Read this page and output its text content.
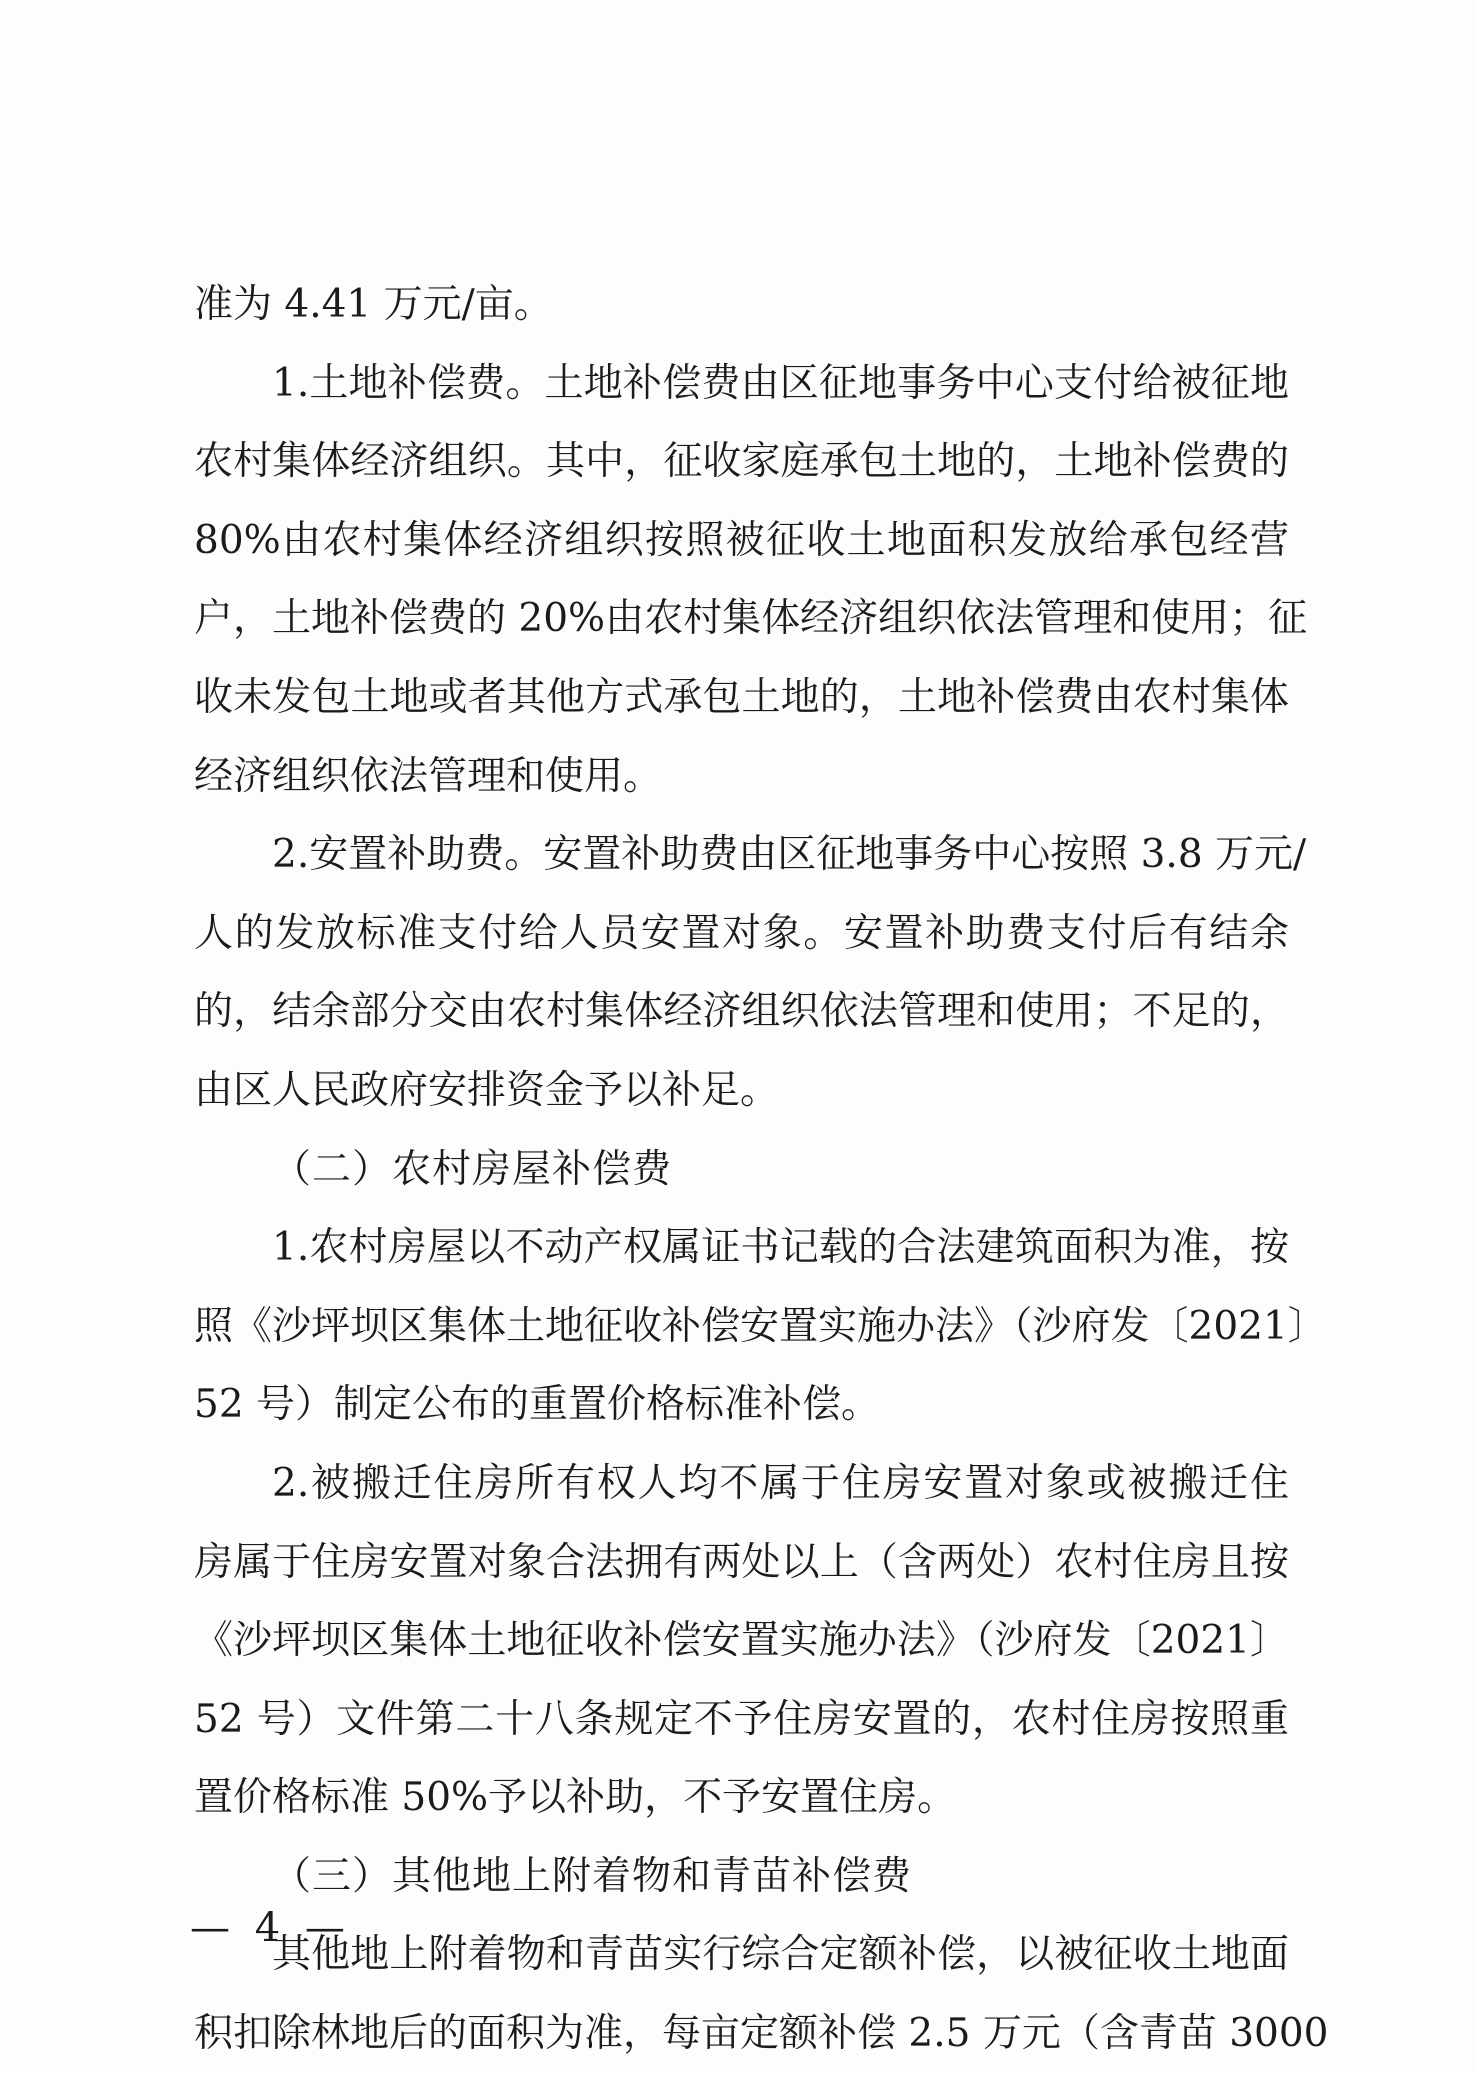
准为 4.41 万元/亩。
1.土地补偿费。土地补偿费由区征地事务中心支付给被征地
农村集体经济组织。其中，征收家庭承包土地的，土地补偿费的
80%由农村集体经济组织按照被征收土地面积发放给承包经营
户，土地补偿费的 20%由农村集体经济组织依法管理和使用；征
收未发包土地或者其他方式承包土地的，土地补偿费由农村集体
经济组织依法管理和使用。
2.安置补助费。安置补助费由区征地事务中心按照 3.8 万元/
人的发放标准支付给人员安置对象。安置补助费支付后有结余
的，结余部分交由农村集体经济组织依法管理和使用；不足的，
由区人民政府安排资金予以补足。
（二）农村房屋补偿费
1.农村房屋以不动产权属证书记载的合法建筑面积为准，按
照《沙坪坝区集体土地征收补偿安置实施办法》（沙府发〔2021〕
52 号）制定公布的重置价格标准补偿。
2.被搬迁住房所有权人均不属于住房安置对象或被搬迁住
房属于住房安置对象合法拥有两处以上（含两处）农村住房且按
《沙坪坝区集体土地征收补偿安置实施办法》（沙府发〔2021〕
52 号）文件第二十八条规定不予住房安置的，农村住房按照重
置价格标准 50%予以补助，不予安置住房。
（三）其他地上附着物和青苗补偿费
其他地上附着物和青苗实行综合定额补偿，以被征收土地面
积扣除林地后的面积为准，每亩定额补偿 2.5 万元（含青苗 3000
— 4 —
